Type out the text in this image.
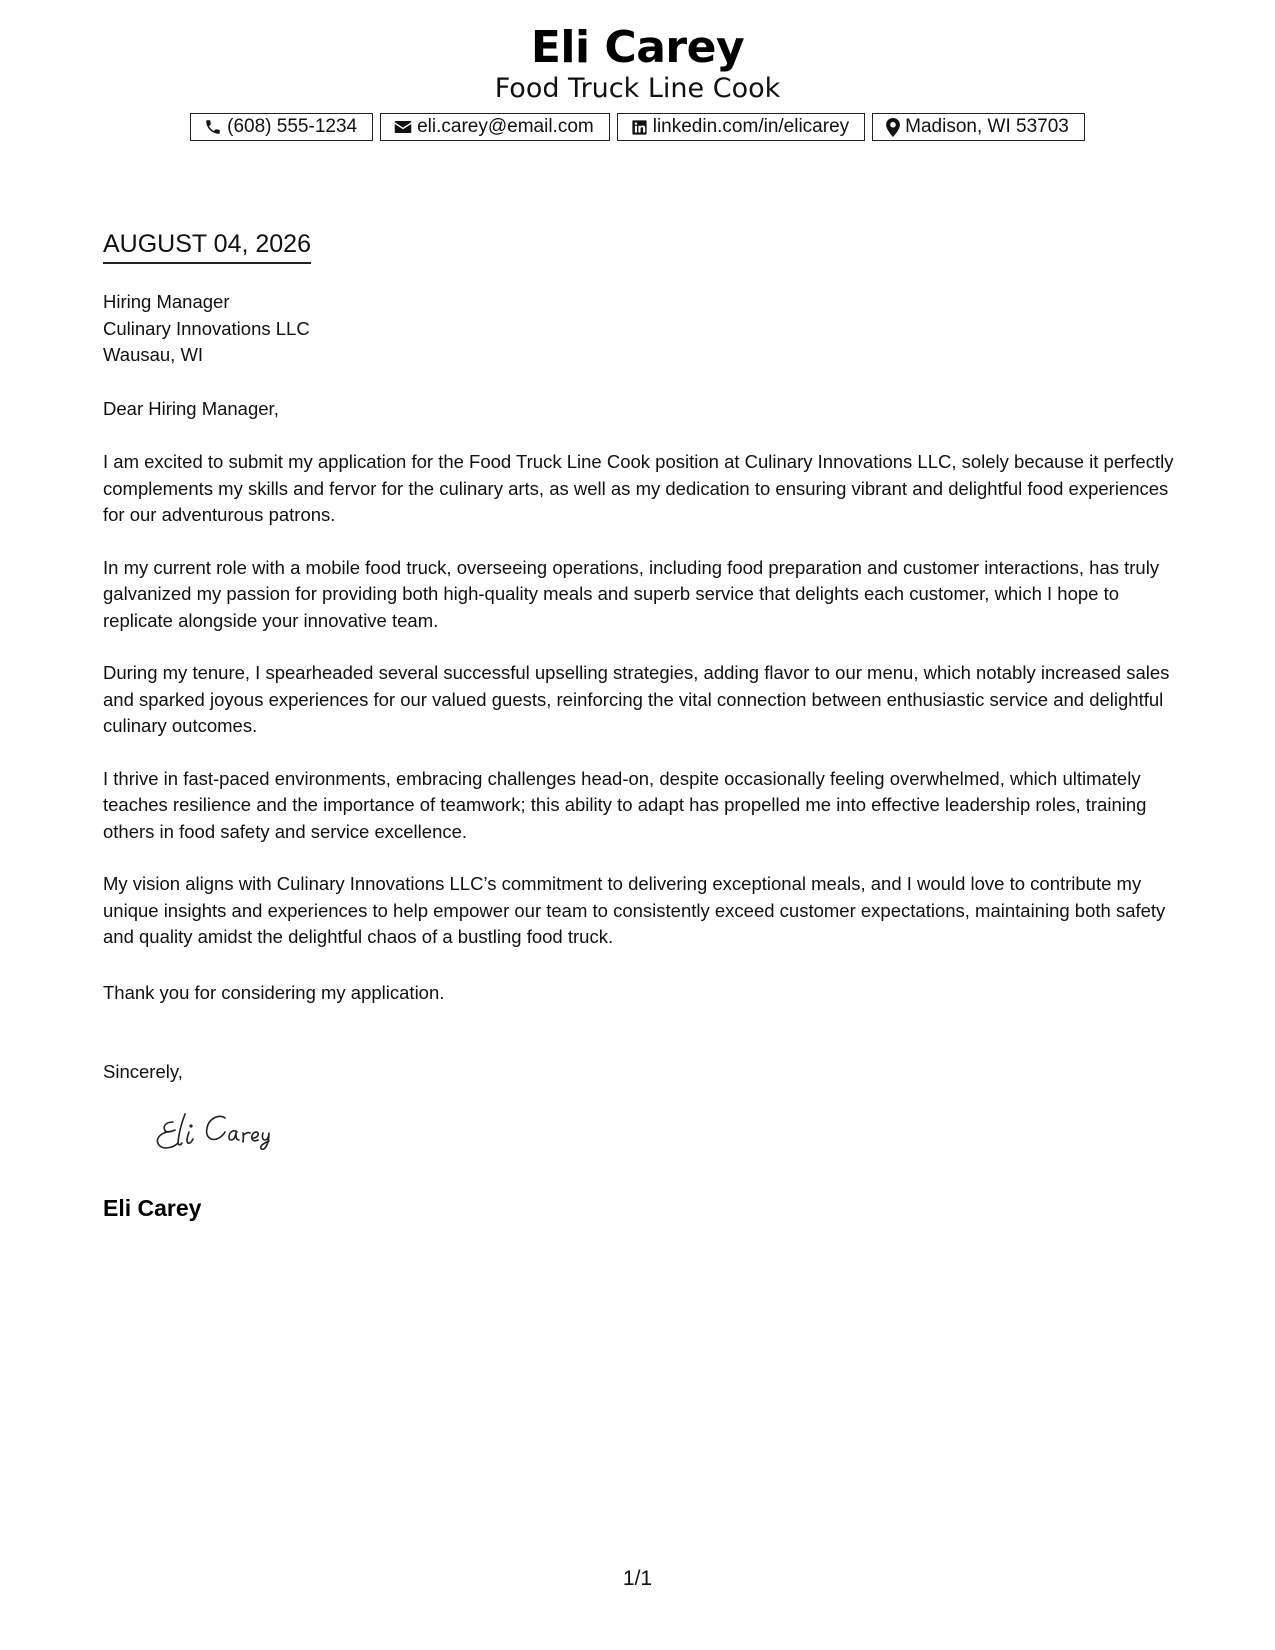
Eli Carey
Food Truck Line Cook
(608) 555-1234	eli.carey@email.com	linkedin.com/in/elicarey	Madison, WI 53703
AUGUST 04, 2026
Hiring Manager
Culinary Innovations LLC
Wausau, WI
Dear Hiring Manager,

I am excited to submit my application for the Food Truck Line Cook position at Culinary Innovations LLC, solely because it perfectly complements my skills and fervor for the culinary arts, as well as my dedication to ensuring vibrant and delightful food experiences for our adventurous patrons.

In my current role with a mobile food truck, overseeing operations, including food preparation and customer interactions, has truly galvanized my passion for providing both high-quality meals and superb service that delights each customer, which I hope to replicate alongside your innovative team.

During my tenure, I spearheaded several successful upselling strategies, adding flavor to our menu, which notably increased sales and sparked joyous experiences for our valued guests, reinforcing the vital connection between enthusiastic service and delightful culinary outcomes.

I thrive in fast-paced environments, embracing challenges head-on, despite occasionally feeling overwhelmed, which ultimately teaches resilience and the importance of teamwork; this ability to adapt has propelled me into effective leadership roles, training others in food safety and service excellence.

My vision aligns with Culinary Innovations LLC’s commitment to delivering exceptional meals, and I would love to contribute my unique insights and experiences to help empower our team to consistently exceed customer expectations, maintaining both safety and quality amidst the delightful chaos of a bustling food truck.

Thank you for considering my application.
Sincerely,
Eli Carey
1/1
